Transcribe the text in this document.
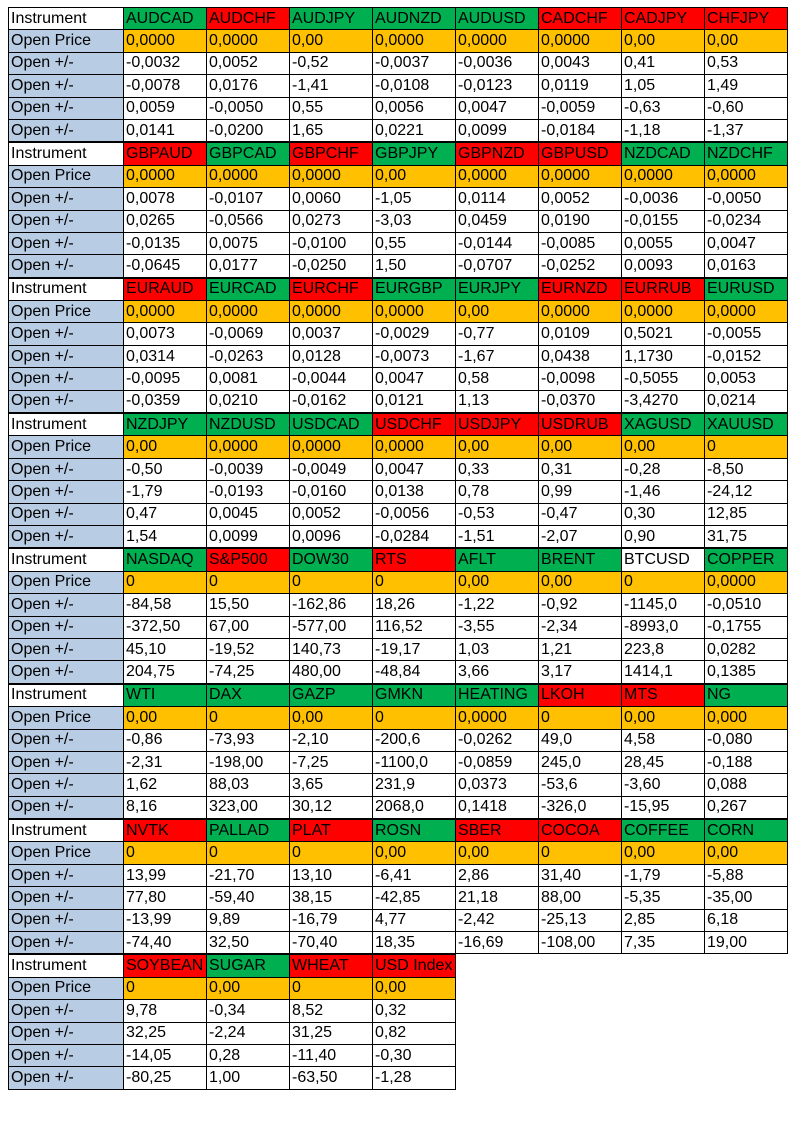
Instrument	AUDCAD	AUDCHF	AUDJPY	AUDNZD	AUDUSD	CADCHF	CADJPY	CHFJPY
Open Price	0,0000	0,0000	0,00	0,0000	0,0000	0,0000	0,00	0,00
Open +/-	-0,0032	0,0052	-0,52	-0,0037	-0,0036	0,0043	0,41	0,53
Open +/-	-0,0078	0,0176	-1,41	-0,0108	-0,0123	0,0119	1,05	1,49
Open +/-	0,0059	-0,0050	0,55	0,0056	0,0047	-0,0059	-0,63	-0,60
Open +/-	0,0141	-0,0200	1,65	0,0221	0,0099	-0,0184	-1,18	-1,37
Instrument	GBPAUD	GBPCAD	GBPCHF	GBPJPY	GBPNZD	GBPUSD	NZDCAD	NZDCHF
Open Price	0,0000	0,0000	0,0000	0,00	0,0000	0,0000	0,0000	0,0000
Open +/-	0,0078	-0,0107	0,0060	-1,05	0,0114	0,0052	-0,0036	-0,0050
Open +/-	0,0265	-0,0566	0,0273	-3,03	0,0459	0,0190	-0,0155	-0,0234
Open +/-	-0,0135	0,0075	-0,0100	0,55	-0,0144	-0,0085	0,0055	0,0047
Open +/-	-0,0645	0,0177	-0,0250	1,50	-0,0707	-0,0252	0,0093	0,0163
Instrument	EURAUD	EURCAD	EURCHF	EURGBP	EURJPY	EURNZD	EURRUB	EURUSD
Open Price	0,0000	0,0000	0,0000	0,0000	0,00	0,0000	0,0000	0,0000
Open +/-	0,0073	-0,0069	0,0037	-0,0029	-0,77	0,0109	0,5021	-0,0055
Open +/-	0,0314	-0,0263	0,0128	-0,0073	-1,67	0,0438	1,1730	-0,0152
Open +/-	-0,0095	0,0081	-0,0044	0,0047	0,58	-0,0098	-0,5055	0,0053
Open +/-	-0,0359	0,0210	-0,0162	0,0121	1,13	-0,0370	-3,4270	0,0214
Instrument	NZDJPY	NZDUSD	USDCAD	USDCHF	USDJPY	USDRUB	XAGUSD	XAUUSD
Open Price	0,00	0,0000	0,0000	0,0000	0,00	0,00	0,00	0
Open +/-	-0,50	-0,0039	-0,0049	0,0047	0,33	0,31	-0,28	-8,50
Open +/-	-1,79	-0,0193	-0,0160	0,0138	0,78	0,99	-1,46	-24,12
Open +/-	0,47	0,0045	0,0052	-0,0056	-0,53	-0,47	0,30	12,85
Open +/-	1,54	0,0099	0,0096	-0,0284	-1,51	-2,07	0,90	31,75
Instrument	NASDAQ	S&P500	DOW30	RTS	AFLT	BRENT	BTCUSD	COPPER
Open Price	0	0	0	0	0,00	0,00	0	0,0000
Open +/-	-84,58	15,50	-162,86	18,26	-1,22	-0,92	-1145,0	-0,0510
Open +/-	-372,50	67,00	-577,00	116,52	-3,55	-2,34	-8993,0	-0,1755
Open +/-	45,10	-19,52	140,73	-19,17	1,03	1,21	223,8	0,0282
Open +/-	204,75	-74,25	480,00	-48,84	3,66	3,17	1414,1	0,1385
Instrument	WTI	DAX	GAZP	GMKN	HEATING	LKOH	MTS	NG
Open Price	0,00	0	0,00	0	0,0000	0	0,00	0,000
Open +/-	-0,86	-73,93	-2,10	-200,6	-0,0262	49,0	4,58	-0,080
Open +/-	-2,31	-198,00	-7,25	-1100,0	-0,0859	245,0	28,45	-0,188
Open +/-	1,62	88,03	3,65	231,9	0,0373	-53,6	-3,60	0,088
Open +/-	8,16	323,00	30,12	2068,0	0,1418	-326,0	-15,95	0,267
Instrument	NVTK	PALLAD	PLAT	ROSN	SBER	COCOA	COFFEE	CORN
Open Price	0	0	0	0,00	0,00	0	0,00	0,00
Open +/-	13,99	-21,70	13,10	-6,41	2,86	31,40	-1,79	-5,88
Open +/-	77,80	-59,40	38,15	-42,85	21,18	88,00	-5,35	-35,00
Open +/-	-13,99	9,89	-16,79	4,77	-2,42	-25,13	2,85	6,18
Open +/-	-74,40	32,50	-70,40	18,35	-16,69	-108,00	7,35	19,00
Instrument	SOYBEAN	SUGAR	WHEAT	USD Index
Open Price	0	0,00	0	0,00
Open +/-	9,78	-0,34	8,52	0,32
Open +/-	32,25	-2,24	31,25	0,82
Open +/-	-14,05	0,28	-11,40	-0,30
Open +/-	-80,25	1,00	-63,50	-1,28
